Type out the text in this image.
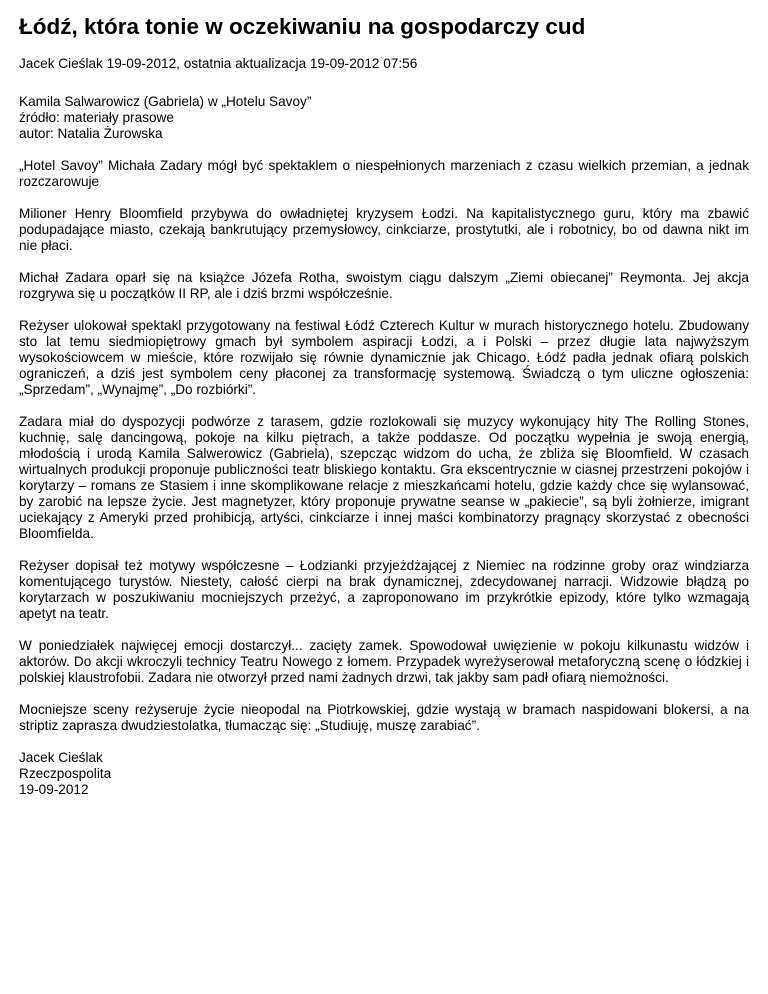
Łódź, która tonie w oczekiwaniu na gospodarczy cud
Jacek Cieślak 19-09-2012, ostatnia aktualizacja 19-09-2012 07:56
Kamila Salwarowicz (Gabriela) w „Hotelu Savoy”
źródło: materiały prasowe
autor: Natalia Żurowska

„Hotel Savoy” Michała Zadary mógł być spektaklem o niespełnionych marzeniach z czasu wielkich przemian, a jednak rozczarowuje

Milioner Henry Bloomfield przybywa do owładniętej kryzysem Łodzi. Na kapitalistycznego guru, który ma zbawić podupadające miasto, czekają bankrutujący przemysłowcy, cinkciarze, prostytutki, ale i robotnicy, bo od dawna nikt im nie płaci.

Michał Zadara oparł się na książce Józefa Rotha, swoistym ciągu dalszym „Ziemi obiecanej” Reymonta. Jej akcja rozgrywa się u początków II RP, ale i dziś brzmi współcześnie.

Reżyser ulokował spektakl przygotowany na festiwal Łódź Czterech Kultur w murach historycznego hotelu. Zbudowany sto lat temu siedmiopiętrowy gmach był symbolem aspiracji Łodzi, a i Polski – przez długie lata najwyższym wysokościowcem w mieście, które rozwijało się równie dynamicznie jak Chicago. Łódź padła jednak ofiarą polskich ograniczeń, a dziś jest symbolem ceny płaconej za transformację systemową. Świadczą o tym uliczne ogłoszenia: „Sprzedam”, „Wynajmę”, „Do rozbiórki”.

Zadara miał do dyspozycji podwórze z tarasem, gdzie rozlokowali się muzycy wykonujący hity The Rolling Stones, kuchnię, salę dancingową, pokoje na kilku piętrach, a także poddasze. Od początku wypełnia je swoją energią, młodością i urodą Kamila Salwerowicz (Gabriela), szepcząc widzom do ucha, że zbliża się Bloomfield. W czasach wirtualnych produkcji proponuje publiczności teatr bliskiego kontaktu. Gra ekscentrycznie w ciasnej przestrzeni pokojów i korytarzy – romans ze Stasiem i inne skomplikowane relacje z mieszkańcami hotelu, gdzie każdy chce się wylansować, by zarobić na lepsze życie. Jest magnetyzer, który proponuje prywatne seanse w „pakiecie”, są byli żołnierze, imigrant uciekający z Ameryki przed prohibicją, artyści, cinkciarze i innej maści kombinatorzy pragnący skorzystać z obecności Bloomfielda.

Reżyser dopisał też motywy współczesne – Łodzianki przyjeżdżającej z Niemiec na rodzinne groby oraz windziarza komentującego turystów. Niestety, całość cierpi na brak dynamicznej, zdecydowanej narracji. Widzowie błądzą po korytarzach w poszukiwaniu mocniejszych przeżyć, a zaproponowano im przykrótkie epizody, które tylko wzmagają apetyt na teatr.

W poniedziałek najwięcej emocji dostarczył... zacięty zamek. Spowodował uwięzienie w pokoju kilkunastu widzów i aktorów. Do akcji wkroczyli technicy Teatru Nowego z łomem. Przypadek wyreżyserował metaforyczną scenę o łódzkiej i polskiej klaustrofobii. Zadara nie otworzył przed nami żadnych drzwi, tak jakby sam padł ofiarą niemożności.

Mocniejsze sceny reżyseruje życie nieopodal na Piotrkowskiej, gdzie wystają w bramach naspidowani blokersi, a na striptiz zaprasza dwudziestolatka, tłumacząc się: „Studiuję, muszę zarabiać”.

Jacek Cieślak
Rzeczpospolita
19-09-2012
